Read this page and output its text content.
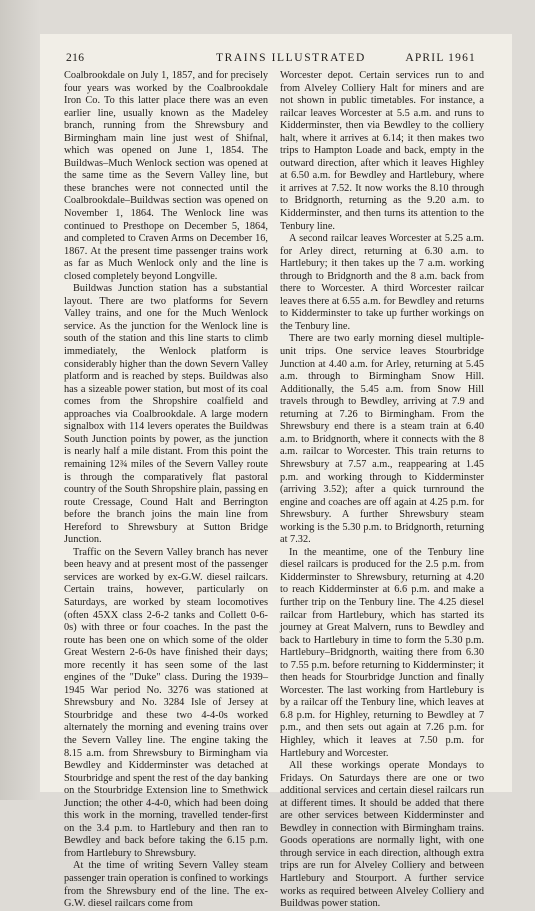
216	TRAINS ILLUSTRATED	APRIL 1961

Coalbrookdale on July 1, 1857, and for precisely four years was worked by the Coalbrookdale Iron Co. To this latter place there was an even earlier line, usually known as the Madeley branch, running from the Shrewsbury and Birmingham main line just west of Shifnal, which was opened on June 1, 1854. The Buildwas–Much Wenlock section was opened at the same time as the Severn Valley line, but these branches were not connected until the Coalbrookdale–Buildwas section was opened on November 1, 1864. The Wenlock line was continued to Presthope on December 5, 1864, and completed to Craven Arms on December 16, 1867. At the present time passenger trains work as far as Much Wenlock only and the line is closed completely beyond Longville.

Buildwas Junction station has a substantial layout. There are two platforms for Severn Valley trains, and one for the Much Wenlock service. As the junction for the Wenlock line is south of the station and this line starts to climb immediately, the Wenlock platform is considerably higher than the down Severn Valley platform and is reached by steps. Buildwas also has a sizeable power station, but most of its coal comes from the Shropshire coalfield and approaches via Coalbrookdale. A large modern signalbox with 114 levers operates the Buildwas South Junction points by power, as the junction is nearly half a mile distant. From this point the remaining 12¾ miles of the Severn Valley route is through the comparatively flat pastoral country of the South Shropshire plain, passing en route Cressage, Cound Halt and Berrington before the branch joins the main line from Hereford to Shrewsbury at Sutton Bridge Junction.

Traffic on the Severn Valley branch has never been heavy and at present most of the passenger services are worked by ex-G.W. diesel railcars. Certain trains, however, particularly on Saturdays, are worked by steam locomotives (often 45XX class 2-6-2 tanks and Collett 0-6-0s) with three or four coaches. In the past the route has been one on which some of the older Great Western 2-6-0s have finished their days; more recently it has seen some of the last engines of the "Duke" class. During the 1939–1945 War period No. 3276 was stationed at Shrewsbury and No. 3284 Isle of Jersey at Stourbridge and these two 4-4-0s worked alternately the morning and evening trains over the Severn Valley line. The engine taking the 8.15 a.m. from Shrewsbury to Birmingham via Bewdley and Kidderminster was detached at Stourbridge and spent the rest of the day banking on the Stourbridge Extension line to Smethwick Junction; the other 4-4-0, which had been doing this work in the morning, travelled tender-first on the 3.4 p.m. to Hartlebury and then ran to Bewdley and back before taking the 6.15 p.m. from Hartlebury to Shrewsbury.

At the time of writing Severn Valley steam passenger train operation is confined to workings from the Shrewsbury end of the line. The ex-G.W. diesel railcars come from

Worcester depot. Certain services run to and from Alveley Colliery Halt for miners and are not shown in public timetables. For instance, a railcar leaves Worcester at 5.5 a.m. and runs to Kidderminster, then via Bewdley to the colliery halt, where it arrives at 6.14; it then makes two trips to Hampton Loade and back, empty in the outward direction, after which it leaves Highley at 6.50 a.m. for Bewdley and Hartlebury, where it arrives at 7.52. It now works the 8.10 through to Bridgnorth, returning as the 9.20 a.m. to Kidderminster, and then turns its attention to the Tenbury line.

A second railcar leaves Worcester at 5.25 a.m. for Arley direct, returning at 6.30 a.m. to Hartlebury; it then takes up the 7 a.m. working through to Bridgnorth and the 8 a.m. back from there to Worcester. A third Worcester railcar leaves there at 6.55 a.m. for Bewdley and returns to Kidderminster to take up further workings on the Tenbury line.

There are two early morning diesel multiple-unit trips. One service leaves Stourbridge Junction at 4.40 a.m. for Arley, returning at 5.45 a.m. through to Birmingham Snow Hill. Additionally, the 5.45 a.m. from Snow Hill travels through to Bewdley, arriving at 7.9 and returning at 7.26 to Birmingham. From the Shrewsbury end there is a steam train at 6.40 a.m. to Bridgnorth, where it connects with the 8 a.m. railcar to Worcester. This train returns to Shrewsbury at 7.57 a.m., reappearing at 1.45 p.m. and working through to Kidderminster (arriving 3.52); after a quick turnround the engine and coaches are off again at 4.25 p.m. for Shrewsbury. A further Shrewsbury steam working is the 5.30 p.m. to Bridgnorth, returning at 7.32.

In the meantime, one of the Tenbury line diesel railcars is produced for the 2.5 p.m. from Kidderminster to Shrewsbury, returning at 4.20 to reach Kidderminster at 6.6 p.m. and make a further trip on the Tenbury line. The 4.25 diesel railcar from Hartlebury, which has started its journey at Great Malvern, runs to Bewdley and back to Hartlebury in time to form the 5.30 p.m. Hartlebury–Bridgnorth, waiting there from 6.30 to 7.55 p.m. before returning to Kidderminster; it then heads for Stourbridge Junction and finally Worcester. The last working from Hartlebury is by a railcar off the Tenbury line, which leaves at 6.8 p.m. for Highley, returning to Bewdley at 7 p.m., and then sets out again at 7.26 p.m. for Highley, which it leaves at 7.50 p.m. for Hartlebury and Worcester.

All these workings operate Mondays to Fridays. On Saturdays there are one or two additional services and certain diesel railcars run at different times. It should be added that there are other services between Kidderminster and Bewdley in connection with Birmingham trains. Goods operations are normally light, with one through service in each direction, although extra trips are run for Alveley Colliery and between Hartlebury and Stourport. A further service works as required between Alveley Colliery and Buildwas power station.
